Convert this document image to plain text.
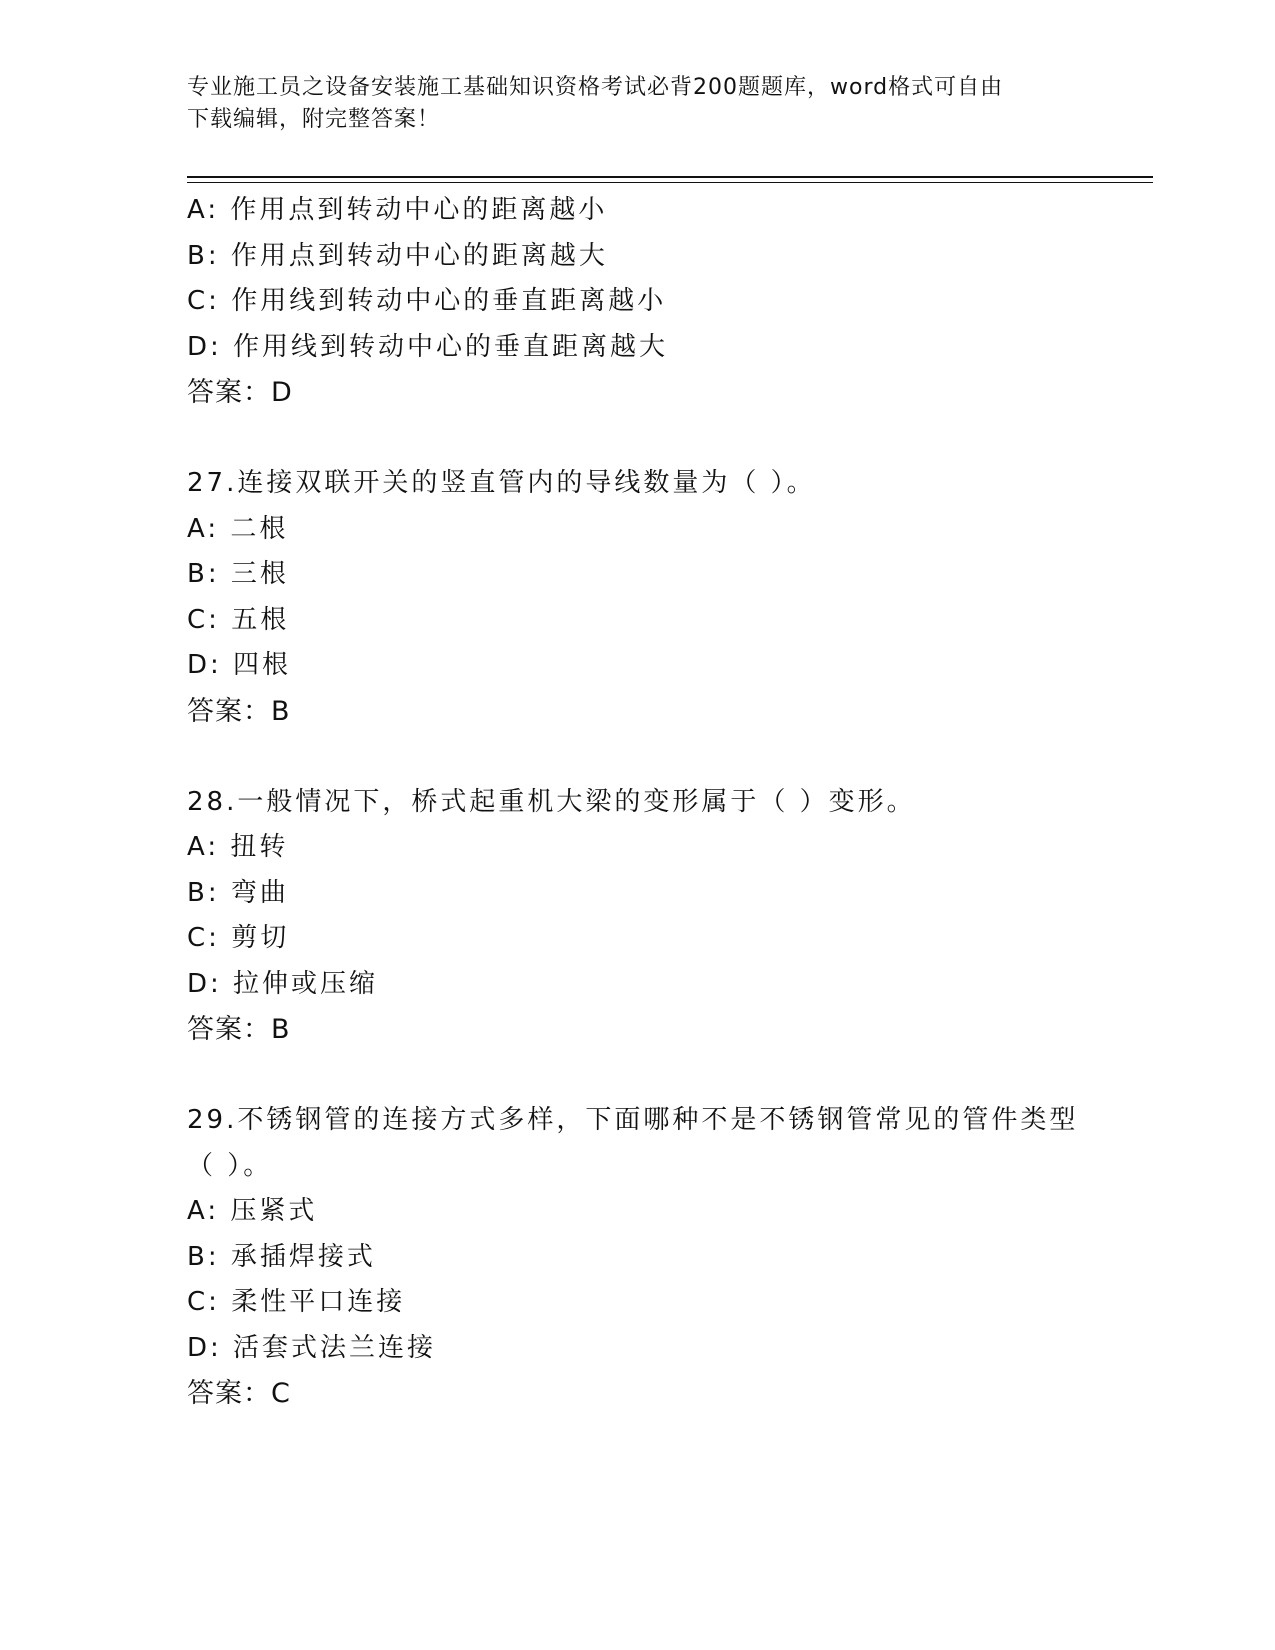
专业施工员之设备安装施工基础知识资格考试必背200题题库，word格式可自由
下载编辑，附完整答案！
A: 作用点到转动中心的距离越小
B: 作用点到转动中心的距离越大
C: 作用线到转动中心的垂直距离越小
D: 作用线到转动中心的垂直距离越大
答案：D
27.连接双联开关的竖直管内的导线数量为（ ）。
A: 二根
B: 三根
C: 五根
D: 四根
答案：B
28.一般情况下，桥式起重机大梁的变形属于（ ）变形。
A: 扭转
B: 弯曲
C: 剪切
D: 拉伸或压缩
答案：B
29.不锈钢管的连接方式多样，下面哪种不是不锈钢管常见的管件类型（ ）。
A: 压紧式
B: 承插焊接式
C: 柔性平口连接
D: 活套式法兰连接
答案：C
